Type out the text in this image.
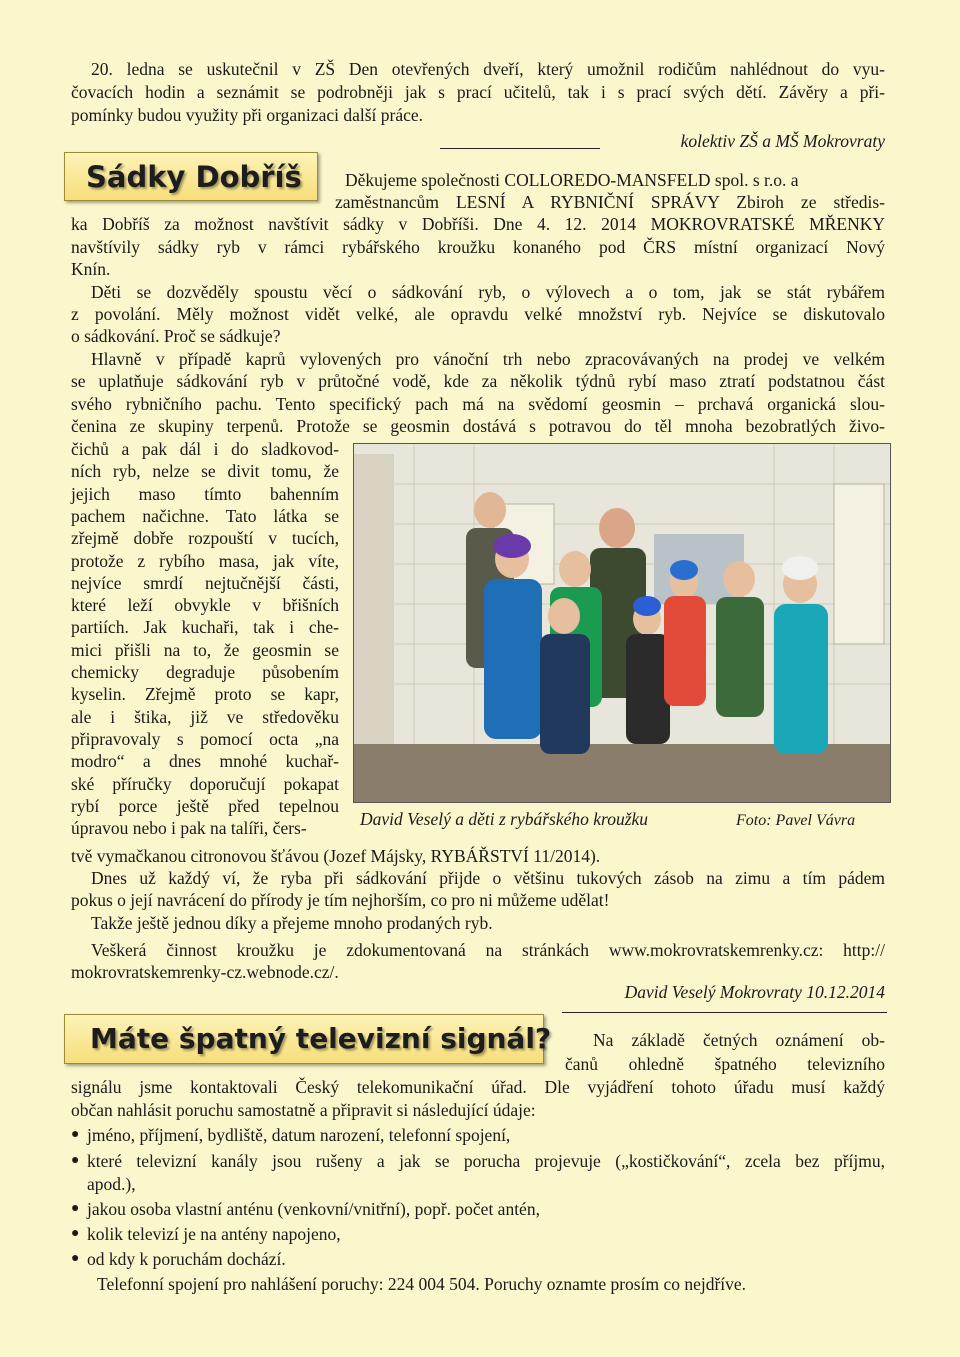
20. ledna se uskutečnil v ZŠ Den otevřených dveří, který umožnil rodičům nahlédnout do vyu-
čovacích hodin a seznámit se podrobněji jak s prací učitelů, tak i s prací svých dětí. Závěry a při-
pomínky budou využity při organizaci další práce.
kolektiv ZŠ a MŠ Mokrovraty
Sádky Dobříš Děkujeme společnosti COLLOREDO-MANSFELD spol. s r.o. a
zaměstnancům LESNÍ A RYBNIČNÍ SPRÁVY Zbiroh ze středis-
ka Dobříš za možnost navštívit sádky v Dobříši. Dne 4. 12. 2014 MOKROVRATSKÉ MŘENKY
navštívily sádky ryb v rámci rybářského kroužku konaného pod ČRS místní organizací Nový
Knín.
Děti se dozvěděly spoustu věcí o sádkování ryb, o výlovech a o tom, jak se stát rybářem
z povolání. Měly možnost vidět velké, ale opravdu velké množství ryb. Nejvíce se diskutovalo
o sádkování. Proč se sádkuje?
Hlavně v případě kaprů vylovených pro vánoční trh nebo zpracovávaných na prodej ve velkém
se uplatňuje sádkování ryb v průtočné vodě, kde za několik týdnů rybí maso ztratí podstatnou část
svého rybničního pachu. Tento specifický pach má na svědomí geosmin – prchavá organická slou-
čenina ze skupiny terpenů. Protože se geosmin dostává s potravou do těl mnoha bezobratlých živo-
čichů a pak dál i do sladkovod-
ních ryb, nelze se divit tomu, že
jejich maso tímto bahenním
pachem načichne. Tato látka se
zřejmě dobře rozpouští v tucích,
protože z rybího masa, jak víte,
nejvíce smrdí nejtučnější části,
které leží obvykle v břišních
partiích. Jak kuchaři, tak i che-
mici přišli na to, že geosmin se
chemicky degraduje působením
kyselin. Zřejmě proto se kapr,
ale i štika, již ve středověku
připravovaly s pomocí octa „na
modro“ a dnes mnohé kuchař-
ské příručky doporučují pokapat
rybí porce ještě před tepelnou
úpravou nebo i pak na talíři, čers-	David Veselý a děti z rybářského kroužku	Foto: Pavel Vávra
tvě vymačkanou citronovou šťávou (Jozef Májsky, RYBÁŘSTVÍ 11/2014).
Dnes už každý ví, že ryba při sádkování přijde o většinu tukových zásob na zimu a tím pádem
pokus o její navrácení do přírody je tím nejhorším, co pro ni můžeme udělat!
Takže ještě jednou díky a přejeme mnoho prodaných ryb.
Veškerá činnost kroužku je zdokumentovaná na stránkách www.mokrovratskemrenky.cz: http://
mokrovratskemrenky-cz.webnode.cz/.
David Veselý Mokrovraty 10.12.2014
Máte špatný televizní signál? Na základě četných oznámení ob-
čanů ohledně špatného televizního
signálu jsme kontaktovali Český telekomunikační úřad. Dle vyjádření tohoto úřadu musí každý
občan nahlásit poruchu samostatně a připravit si následující údaje:
● jméno, příjmení, bydliště, datum narození, telefonní spojení,
● které televizní kanály jsou rušeny a jak se porucha projevuje („kostičkování“, zcela bez příjmu,
apod.),
● jakou osoba vlastní anténu (venkovní/vnitřní), popř. počet antén,
● kolik televizí je na antény napojeno,
● od kdy k poruchám dochází.
Telefonní spojení pro nahlášení poruchy: 224 004 504. Poruchy oznamte prosím co nejdříve.
